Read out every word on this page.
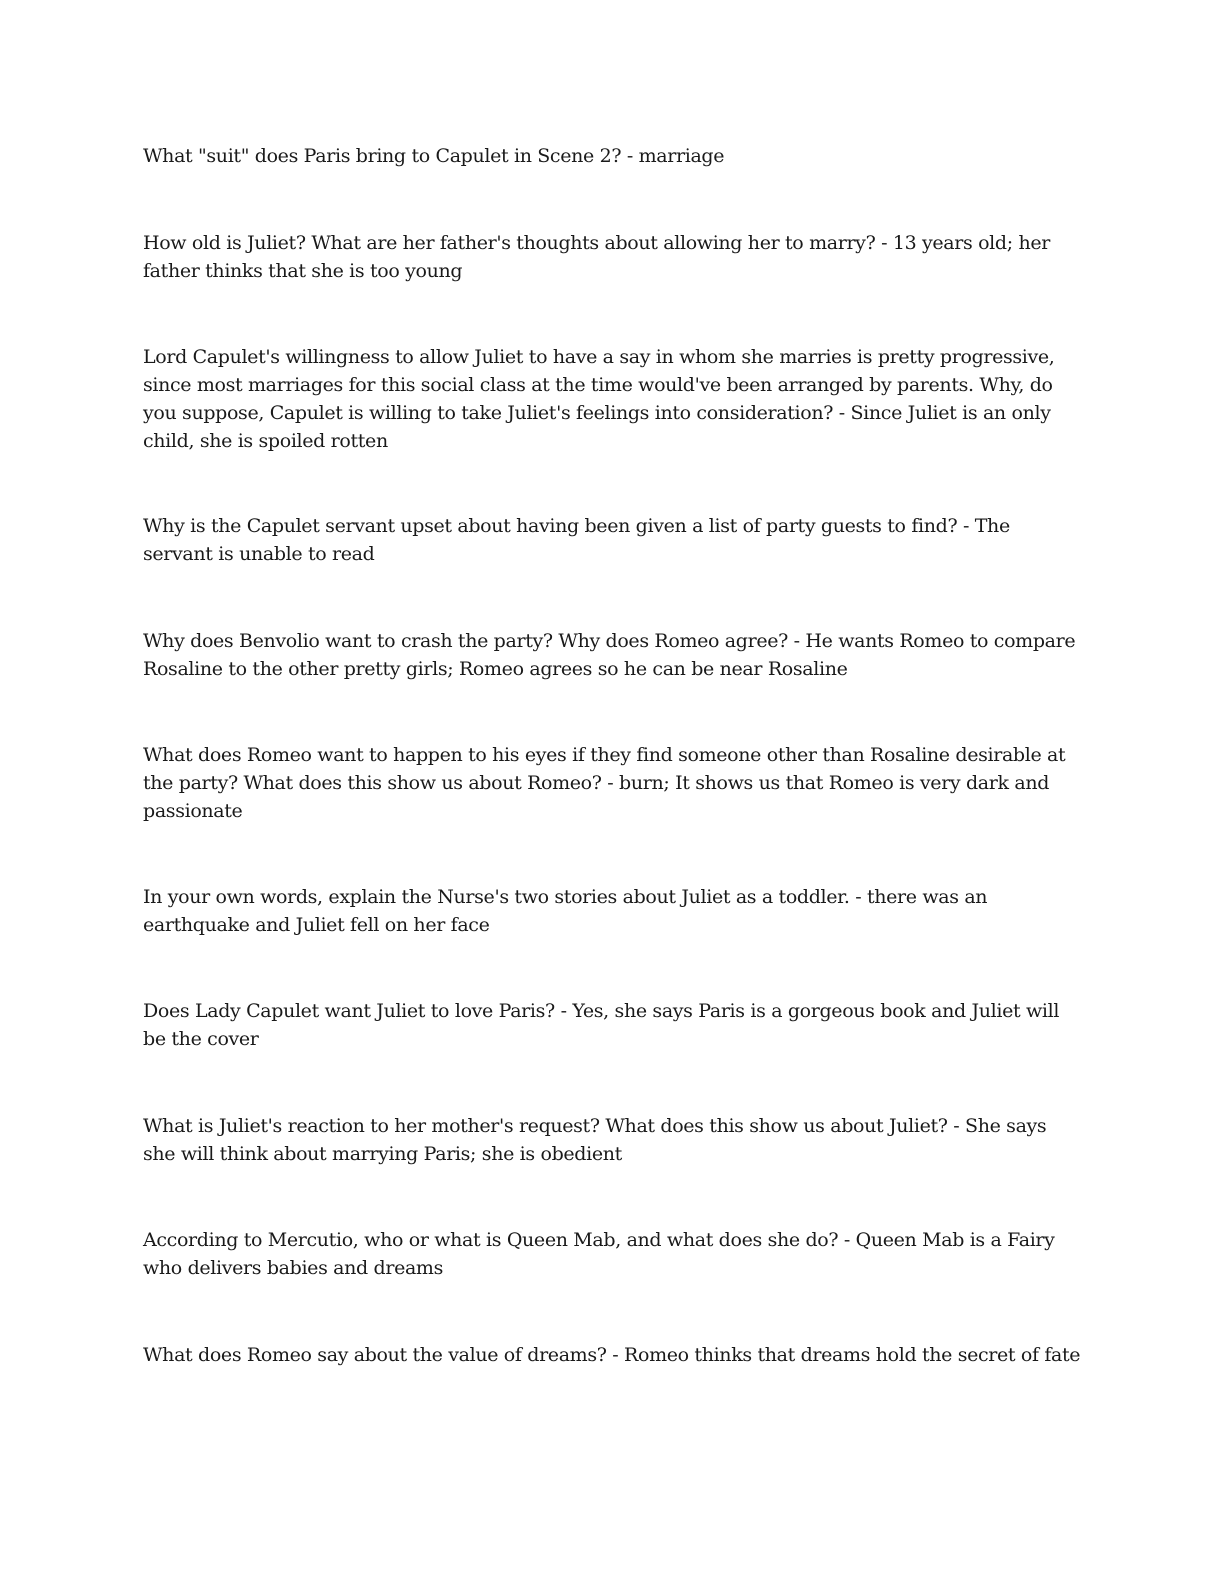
What "suit" does Paris bring to Capulet in Scene 2? - marriage

How old is Juliet? What are her father's thoughts about allowing her to marry? - 13 years old; her father thinks that she is too young

Lord Capulet's willingness to allow Juliet to have a say in whom she marries is pretty progressive, since most marriages for this social class at the time would've been arranged by parents. Why, do you suppose, Capulet is willing to take Juliet's feelings into consideration? - Since Juliet is an only child, she is spoiled rotten

Why is the Capulet servant upset about having been given a list of party guests to find? - The servant is unable to read

Why does Benvolio want to crash the party? Why does Romeo agree? - He wants Romeo to compare Rosaline to the other pretty girls; Romeo agrees so he can be near Rosaline

What does Romeo want to happen to his eyes if they find someone other than Rosaline desirable at the party? What does this show us about Romeo? - burn; It shows us that Romeo is very dark and passionate

In your own words, explain the Nurse's two stories about Juliet as a toddler. - there was an earthquake and Juliet fell on her face

Does Lady Capulet want Juliet to love Paris? - Yes, she says Paris is a gorgeous book and Juliet will be the cover

What is Juliet's reaction to her mother's request? What does this show us about Juliet? - She says she will think about marrying Paris; she is obedient

According to Mercutio, who or what is Queen Mab, and what does she do? - Queen Mab is a Fairy who delivers babies and dreams

What does Romeo say about the value of dreams? - Romeo thinks that dreams hold the secret of fate
